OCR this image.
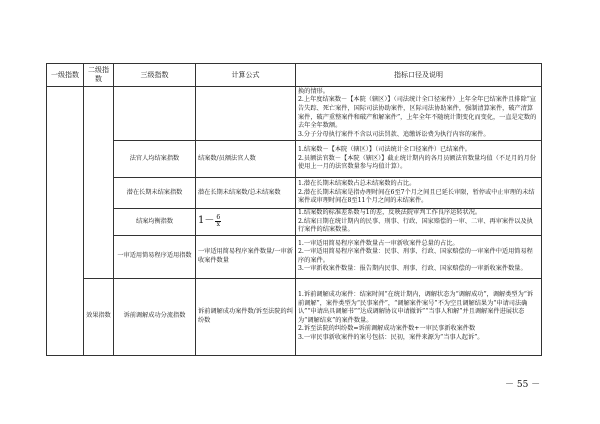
一级指数	二级指数	三级指数	计算公式	指标口径及说明

				换的情形。
2.上年度结案数－【本院（辖区）】（司法统计全口径案件）上年全年已结案件且排除“宣告失踪、死亡案件，国际司法协助案件，区际司法协助案件，强制清算案件，破产清算案件，破产重整案件和破产和解案件”，上年全年不随统计期变化而变化，一直是定数的去年全年数额。
3.分子分母执行案件不含以司法罚款、追缴诉讼费为执行内容的案件。

		法官人均结案指数	结案数/员额法官人数	1.结案数－【本院（辖区）】（司法统计全口径案件）已结案件。
2.员额法官数－【本院（辖区）】截止统计期内的各月员额法官数量均值（不足月的月份使用上一月的法官数量参与均值计算）。

		潜在长期未结案指数	潜在长期未结案数/总未结案数	1.潜在长期未结案数占总未结案数的占比。
2.潜在长期未结案是指办理时间在6至7个月之间且已延长审限，暂停或中止审理的未结案件或审理时间在8至11个月之间的未结案件。

		结案均衡指数	$1- \frac{6}{x}$	1.结案数的标准差系数与1的差，反映法院审判工作良序运转状况。
2.结案日期在统计期内的民事、刑事、行政、国家赔偿的一审、二审、再审案件以及执行案件的结案数量。

		一审适用简易程序适用指数	一审适用简易程序案件数量/一审新收案件数量	1.一审适用简易程序案件数量占一审新收案件总量的占比。
2.一审适用简易程序案件数量：民事、刑事、行政、国家赔偿的一审案件中适用简易程序的案件。
3.一审新收案件数量：报告期内民事、刑事、行政、国家赔偿的一审新收案件数量。

	效果指数	诉前调解成功分流指数	诉前调解成功案件数/诉至法院的纠纷数	1.诉前调解成功案件：结案时间“在统计期内，调解状态为“调解成功”，调解类型为“诉前调解”，案件类型为“民事案件”，“调解案件案号”不为空且调解结果为“申请司法确认”“申请出具调解书”“达成调解协议申请撤诉”“当事人和解”并且调解案件进展状态为“调解结束”的案件数量。
2.诉至法院的纠纷数=诉前调解成功案件数+一审民事新收案件数
3.一审民事新收案件的案号包括：民初，案件来源为“当事人起诉”。
－ 55 －
